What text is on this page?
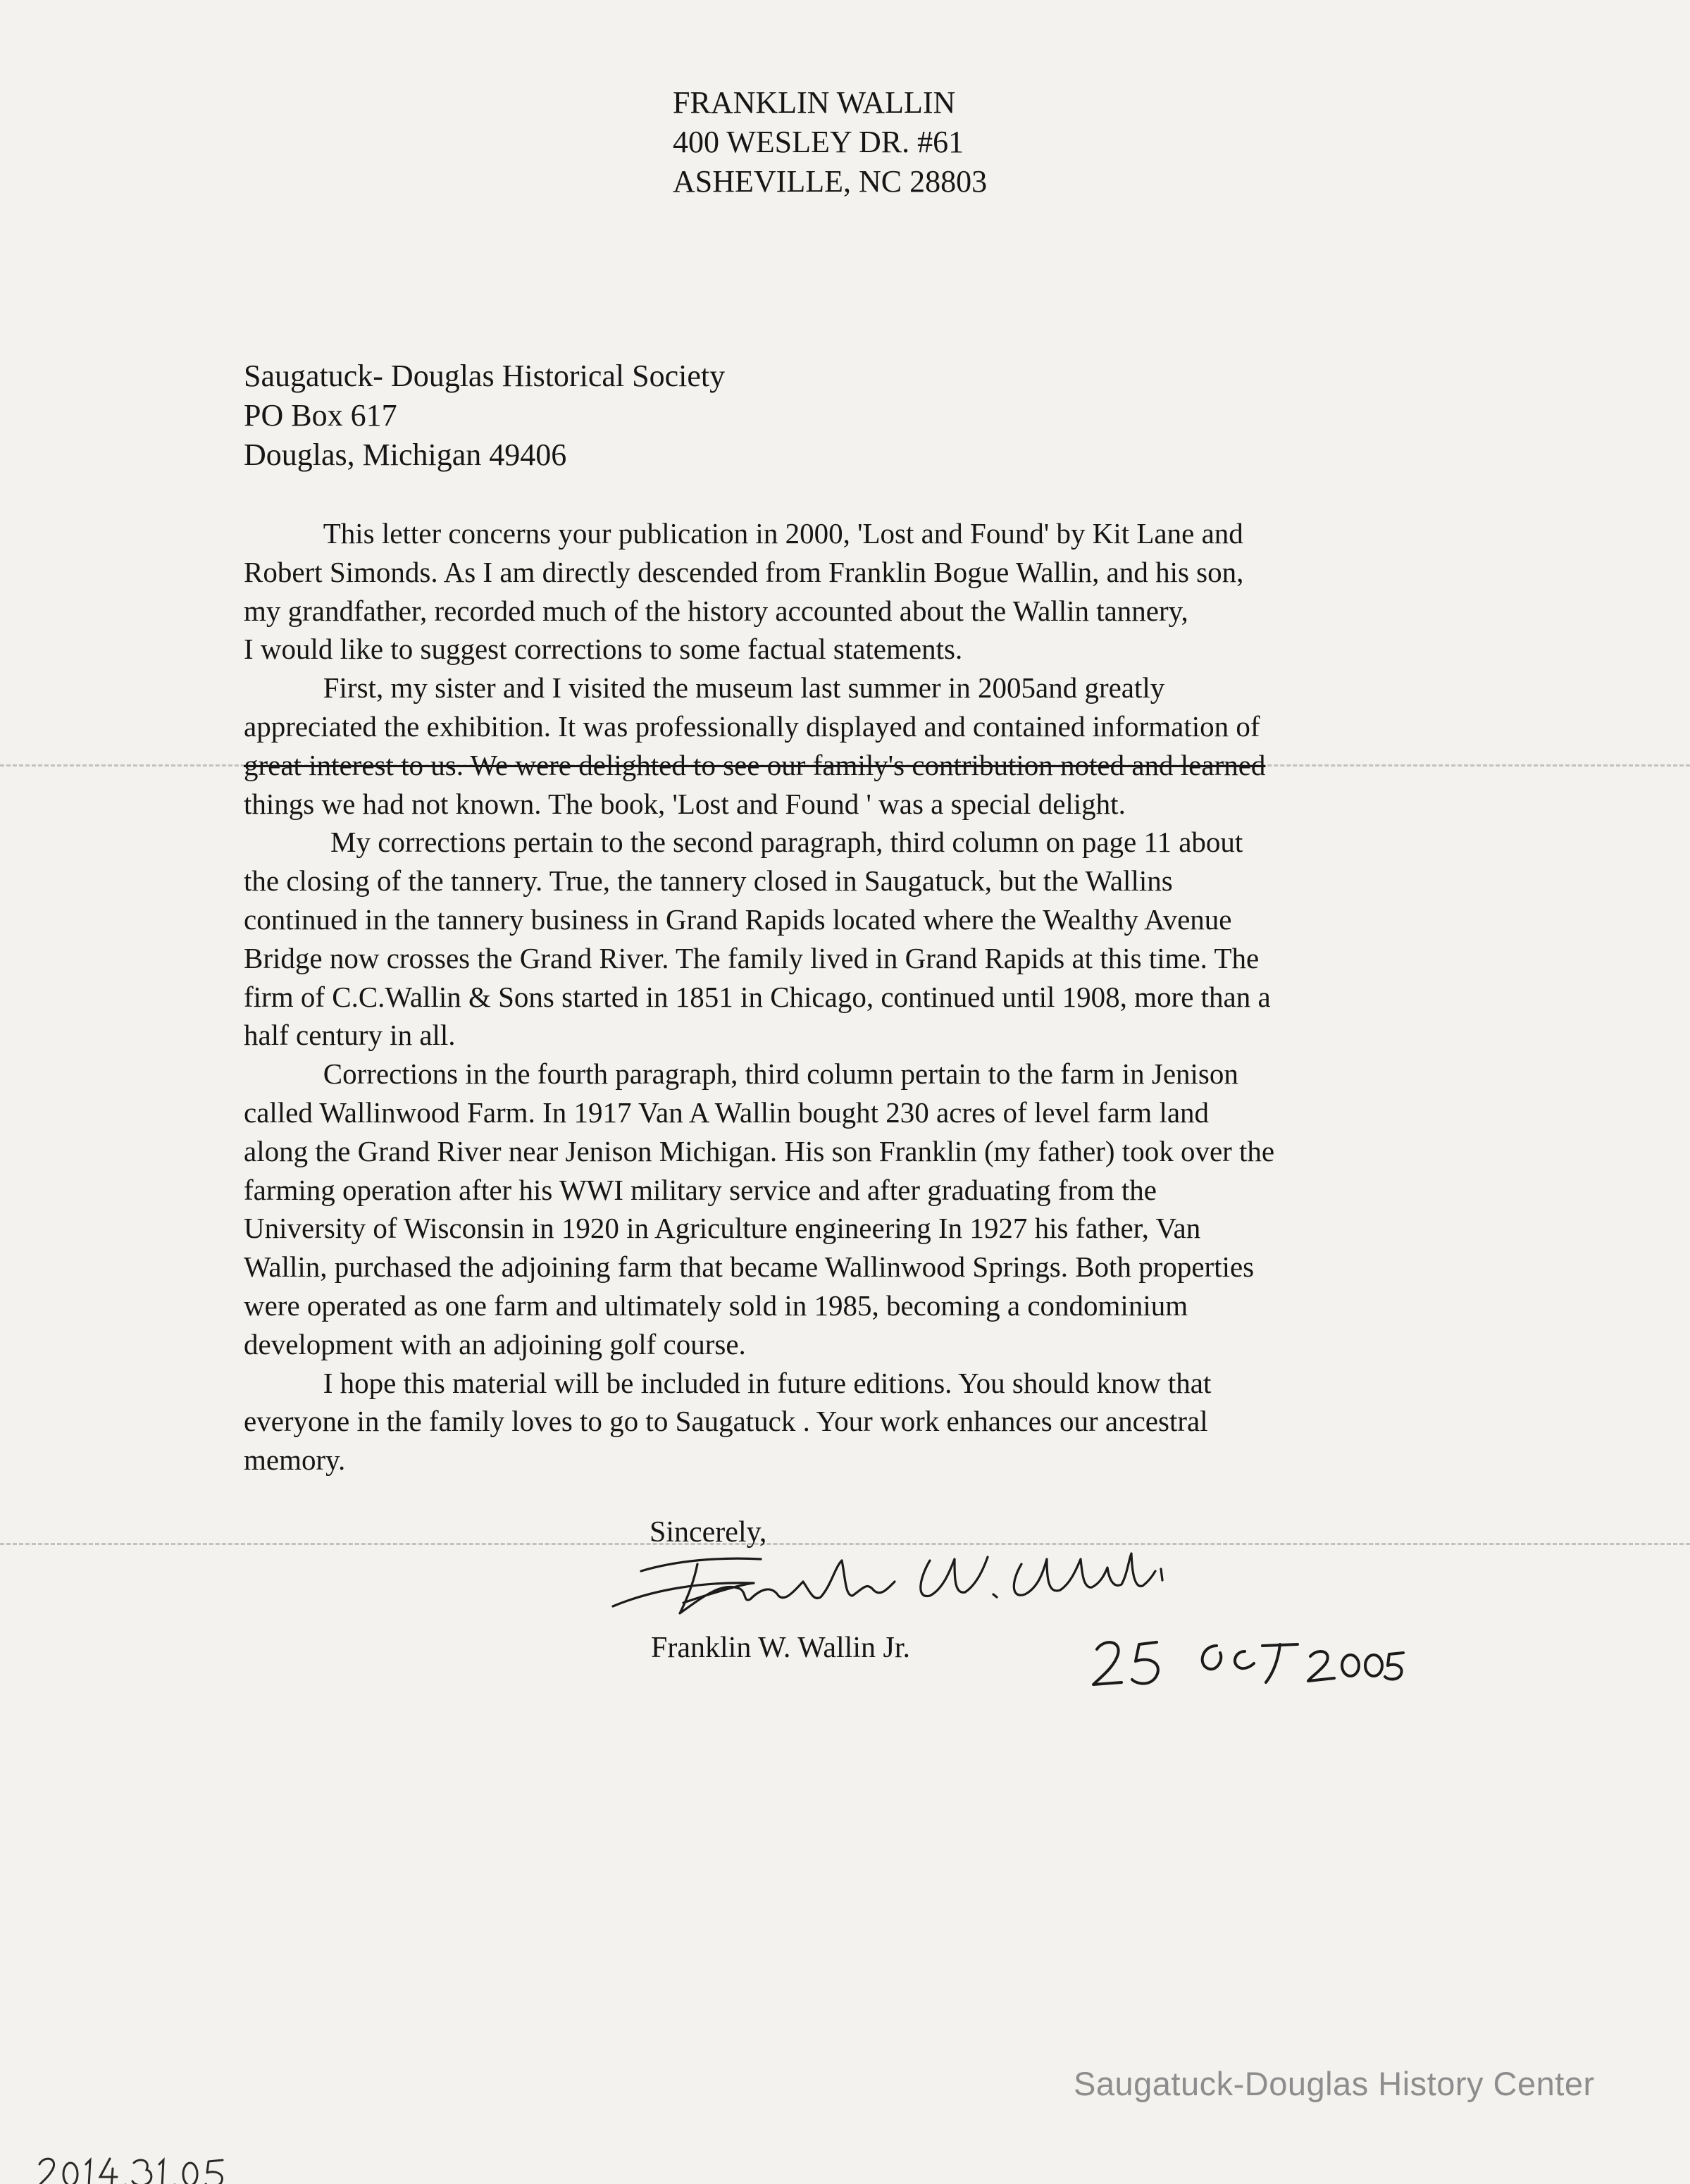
FRANKLIN WALLIN
400 WESLEY DR. #61
ASHEVILLE, NC 28803
Saugatuck- Douglas Historical Society
PO Box 617
Douglas, Michigan 49406
This letter concerns your publication in 2000, 'Lost and Found' by Kit Lane and
Robert Simonds. As I am directly descended from Franklin Bogue Wallin, and his son,
my grandfather, recorded much of the history accounted about the Wallin tannery,
I would like to suggest corrections to some factual statements.
First, my sister and I visited the museum last summer in 2005and greatly
appreciated the exhibition. It was professionally displayed and contained information of
great interest to us. We were delighted to see our family's contribution noted and learned
things we had not known. The book, 'Lost and Found ' was a special delight.
My corrections pertain to the second paragraph, third column on page 11 about
the closing of the tannery. True, the tannery closed in Saugatuck, but the Wallins
continued in the tannery business in Grand Rapids located where the Wealthy Avenue
Bridge now crosses the Grand River. The family lived in Grand Rapids at this time. The
firm of C.C.Wallin & Sons started in 1851 in Chicago, continued until 1908, more than a
half century in all.
Corrections in the fourth paragraph, third column pertain to the farm in Jenison
called Wallinwood Farm. In 1917 Van A Wallin bought 230 acres of level farm land
along the Grand River near Jenison Michigan. His son Franklin (my father) took over the
farming operation after his WWI military service and after graduating from the
University of Wisconsin in 1920 in Agriculture engineering In 1927 his father, Van
Wallin, purchased the adjoining farm that became Wallinwood Springs. Both properties
were operated as one farm and ultimately sold in 1985, becoming a condominium
development with an adjoining golf course.
I hope this material will be included in future editions. You should know that
everyone in the family loves to go to Saugatuck . Your work enhances our ancestral
memory.
Sincerely,
Franklin W. Wallin Jr.
Saugatuck-Douglas History Center
